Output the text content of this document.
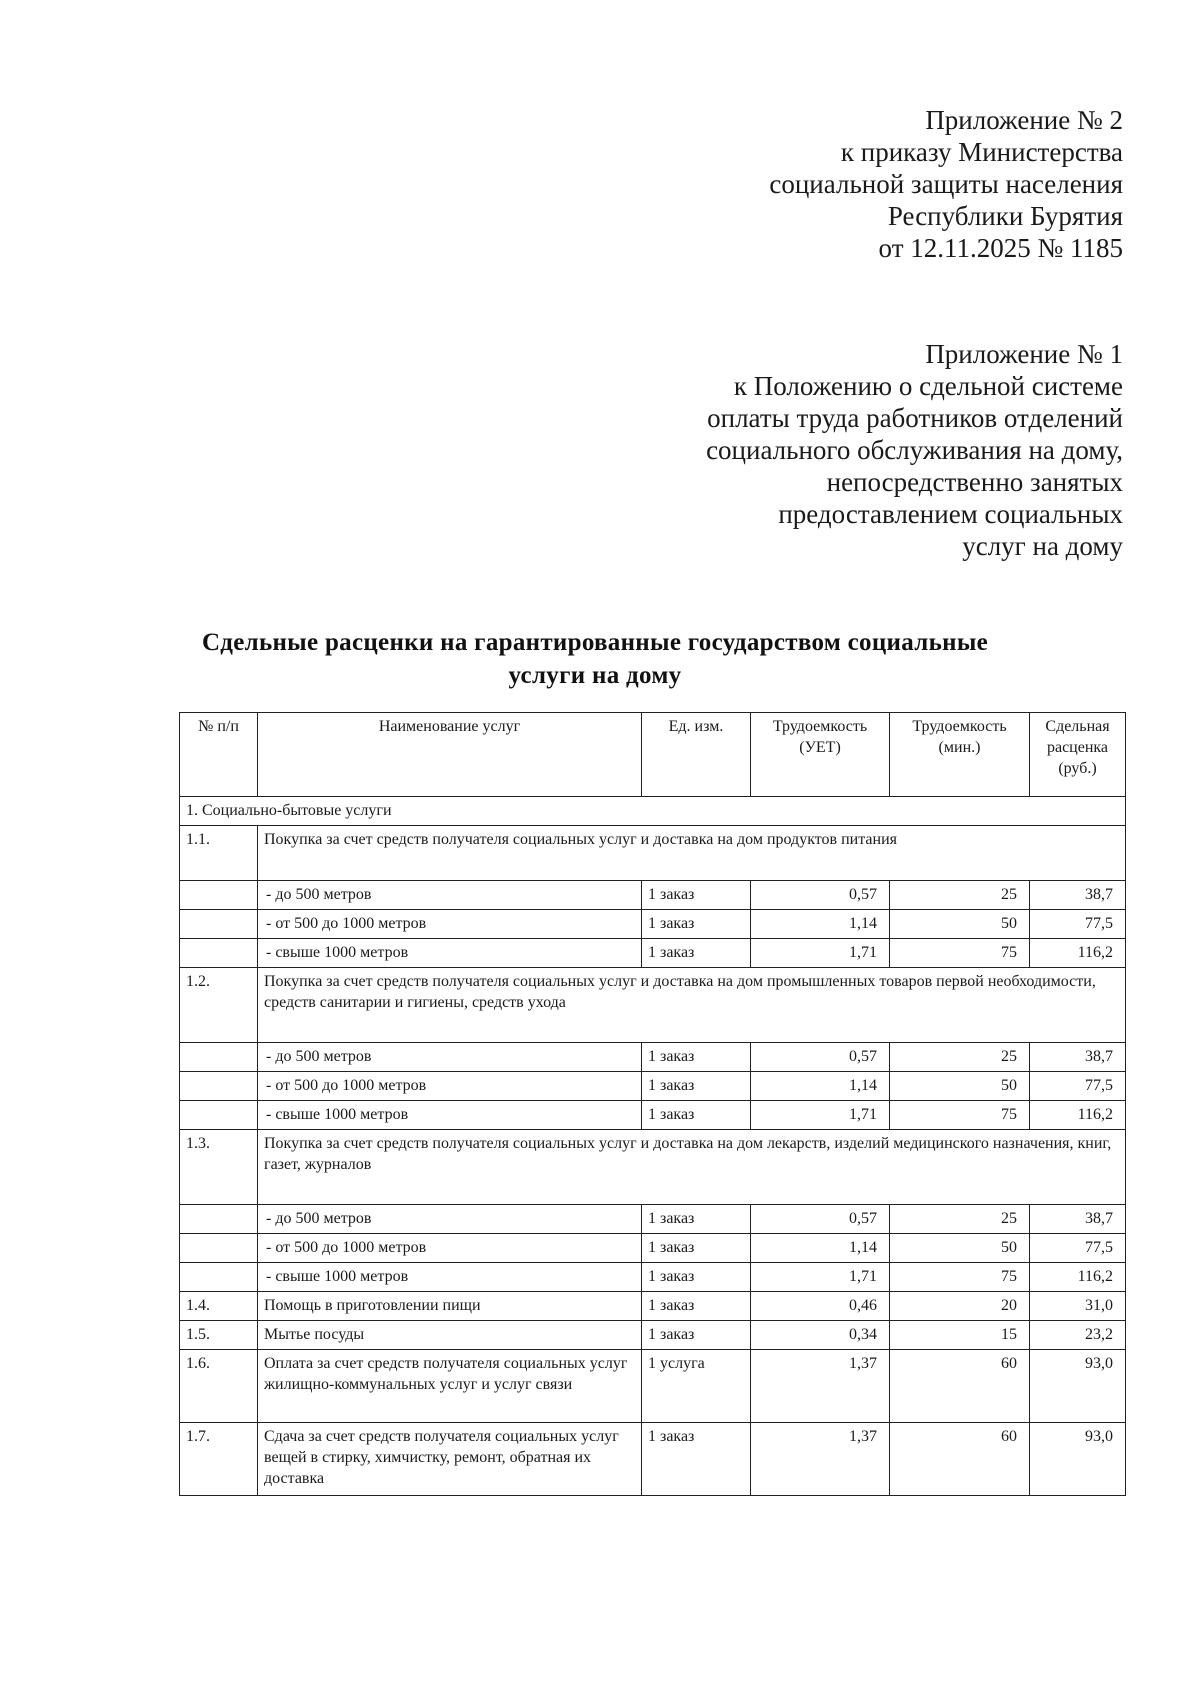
Приложение № 2
к приказу Министерства
социальной защиты населения
Республики Бурятия
от 12.11.2025 № 1185
Приложение № 1
к Положению о сдельной системе
оплаты труда работников отделений
социального обслуживания на дому,
непосредственно занятых
предоставлением социальных
услуг на дому
Сдельные расценки на гарантированные государством социальные
услуги на дому
№ п/п	Наименование услуг	Ед. изм.	Трудоемкость (УЕТ)	Трудоемкость (мин.)	Сдельная расценка (руб.)
1. Социально-бытовые услуги					
1.1.	Покупка за счет средств получателя социальных услуг и доставка на дом продуктов питания				
	- до 500 метров	1 заказ	0,57	25	38,7
	- от 500 до 1000 метров	1 заказ	1,14	50	77,5
	- свыше 1000 метров	1 заказ	1,71	75	116,2
1.2.	Покупка за счет средств получателя социальных услуг и доставка на дом промышленных товаров первой необходимости, средств санитарии и гигиены, средств ухода				
	- до 500 метров	1 заказ	0,57	25	38,7
	- от 500 до 1000 метров	1 заказ	1,14	50	77,5
	- свыше 1000 метров	1 заказ	1,71	75	116,2
1.3.	Покупка за счет средств получателя социальных услуг и доставка на дом лекарств, изделий медицинского назначения, книг, газет, журналов				
	- до 500 метров	1 заказ	0,57	25	38,7
	- от 500 до 1000 метров	1 заказ	1,14	50	77,5
	- свыше 1000 метров	1 заказ	1,71	75	116,2
1.4.	Помощь в приготовлении пищи	1 заказ	0,46	20	31,0
1.5.	Мытье посуды	1 заказ	0,34	15	23,2
1.6.	Оплата за счет средств получателя социальных услуг жилищно-коммунальных услуг и услуг связи	1 услуга	1,37	60	93,0
1.7.	Сдача за счет средств получателя социальных услуг вещей в стирку, химчистку, ремонт, обратная их доставка	1 заказ	1,37	60	93,0
